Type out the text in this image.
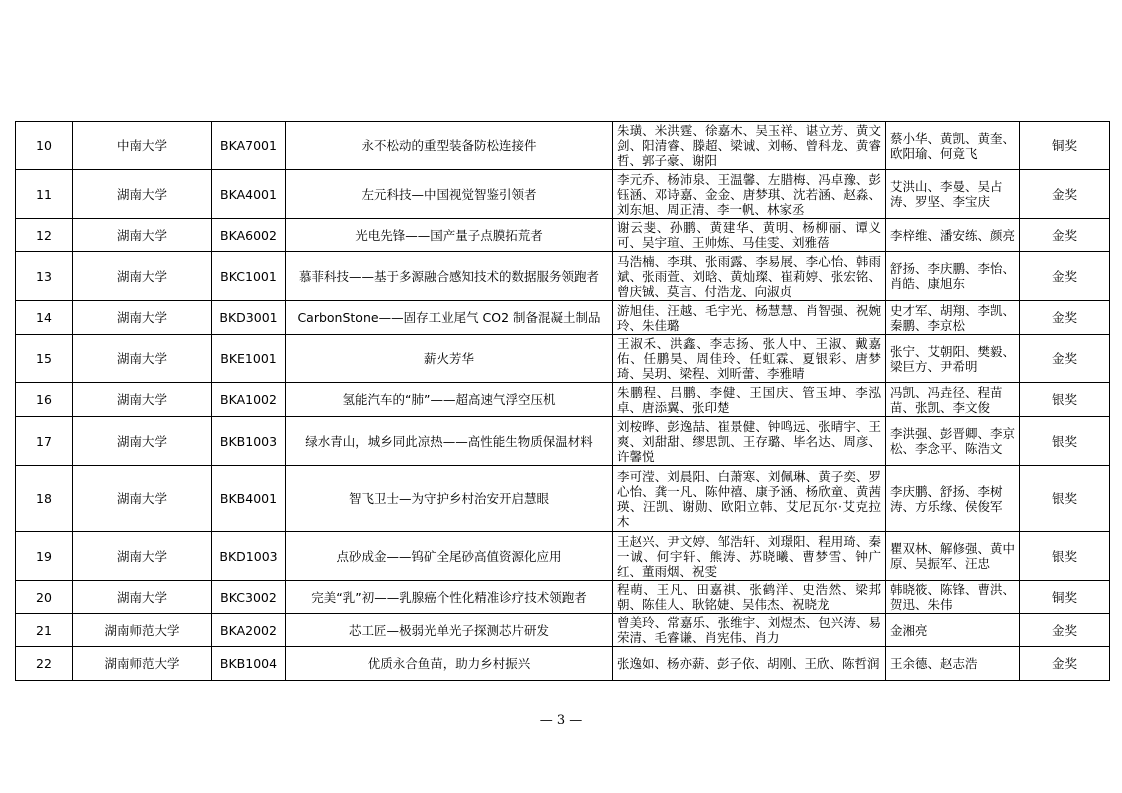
10	中南大学	BKA7001	永不松动的重型装备防松连接件	朱璜、米洪霆、徐嘉木、吴玉祥、谌立芳、黄文剑、阳清睿、滕超、梁诚、刘畅、曾科龙、黄睿哲、郭子豪、谢阳	蔡小华、黄凯、黄奎、欧阳瑜、何竟飞	铜奖
11	湖南大学	BKA4001	左元科技—中国视觉智鉴引领者	李元乔、杨沛泉、王温馨、左腊梅、冯卓豫、彭钰涵、邓诗嘉、金金、唐梦琪、沈若涵、赵淼、刘东旭、周正清、李一帆、林家丞	艾洪山、李曼、吴占涛、罗坚、李宝庆	金奖
12	湖南大学	BKA6002	光电先锋——国产量子点膜拓荒者	谢云斐、孙鹏、黄建华、黄明、杨柳丽、谭义可、吴宇瑄、王帅炼、马佳雯、刘雅蓓	李梓维、潘安练、颜亮	金奖
13	湖南大学	BKC1001	慕菲科技——基于多源融合感知技术的数据服务领跑者	马浩楠、李琪、张雨露、李易展、李心怡、韩雨斌、张雨萱、刘晗、黄灿璨、崔莉婷、张宏铭、曾庆铖、莫言、付浩龙、向淑贞	舒扬、李庆鹏、李怡、肖皓、康旭东	金奖
14	湖南大学	BKD3001	CarbonStone——固存工业尾气 CO2 制备混凝土制品	游旭佳、汪越、毛宇光、杨慧慧、肖智强、祝婉玲、朱佳璐	史才军、胡翔、李凯、秦鹏、李京松	金奖
15	湖南大学	BKE1001	薪火芳华	王淑禾、洪鑫、李志扬、张人中、王淑、戴嘉佑、任鹏昊、周佳玲、任虹霖、夏银彩、唐梦琦、吴玥、梁程、刘昕蕾、李雅晴	张宁、艾朝阳、樊毅、梁巨方、尹希明	金奖
16	湖南大学	BKA1002	氢能汽车的“肺”——超高速气浮空压机	朱鹏程、吕鹏、李健、王国庆、管玉坤、李泓卓、唐添翼、张印楚	冯凯、冯垚径、程苗苗、张凯、李文俊	银奖
17	湖南大学	BKB1003	绿水青山，城乡同此凉热——高性能生物质保温材料	刘桉晔、彭逸喆、崔景健、钟鸣远、张晴宇、王爽、刘甜甜、缪思凯、王存璐、毕名达、周彦、许馨悦	李洪强、彭晋卿、李京松、李念平、陈浩文	银奖
18	湖南大学	BKB4001	智飞卫士—为守护乡村治安开启慧眼	李可滢、刘晨阳、白萧寒、刘佩琳、黄子奕、罗心怡、龚一凡、陈仲禧、康予涵、杨欣童、黄茜瑛、汪凯、谢勋、欧阳立韩、艾尼瓦尔·艾克拉木	李庆鹏、舒扬、李树涛、方乐缘、侯俊军	银奖
19	湖南大学	BKD1003	点砂成金——钨矿全尾砂高值资源化应用	王赵兴、尹文婷、邹浩轩、刘璟阳、程用琦、秦一诚、何宇轩、熊涛、苏晓曦、曹梦雪、钟广红、董雨烟、祝雯	瞿双林、解修强、黄中原、吴振军、汪忠	银奖
20	湖南大学	BKC3002	完美“乳”初——乳腺癌个性化精准诊疗技术领跑者	程萌、王凡、田嘉祺、张鹤洋、史浩然、梁邦朝、陈佳人、耿铭婕、吴伟杰、祝晓龙	韩晓筱、陈锋、曹洪、贺迅、朱伟	铜奖
21	湖南师范大学	BKA2002	芯工匠—极弱光单光子探测芯片研发	曾美玲、常嘉乐、张维宇、刘煜杰、包兴涛、易荣清、毛睿谦、肖宪伟、肖力	金湘亮	金奖
22	湖南师范大学	BKB1004	优质永合鱼苗，助力乡村振兴	张逸如、杨亦薪、彭子依、胡刚、王欣、陈哲润	王余德、赵志浩	金奖
— 3 —
